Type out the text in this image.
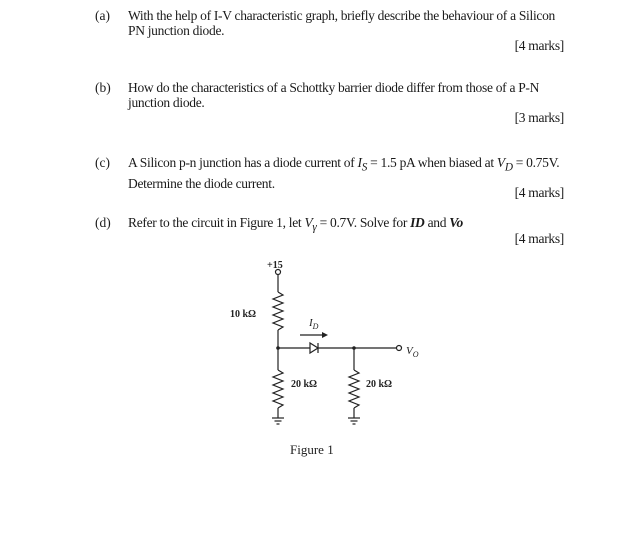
(a) With the help of I-V characteristic graph, briefly describe the behaviour of a Silicon PN junction diode.
[4 marks]
(b) How do the characteristics of a Schottky barrier diode differ from those of a P-N junction diode.
[3 marks]
(c) A Silicon p-n junction has a diode current of $I_S = 1.5$ pA when biased at $V_D = 0.75V$.
Determine the diode current.
[4 marks]
(d) Refer to the circuit in Figure 1, let $V_\gamma = 0.7V$. Solve for ID and Vo
[4 marks]
+15
10 kΩ
20 kΩ	20 kΩ
$I_D$
$V_O$
Figure 1
